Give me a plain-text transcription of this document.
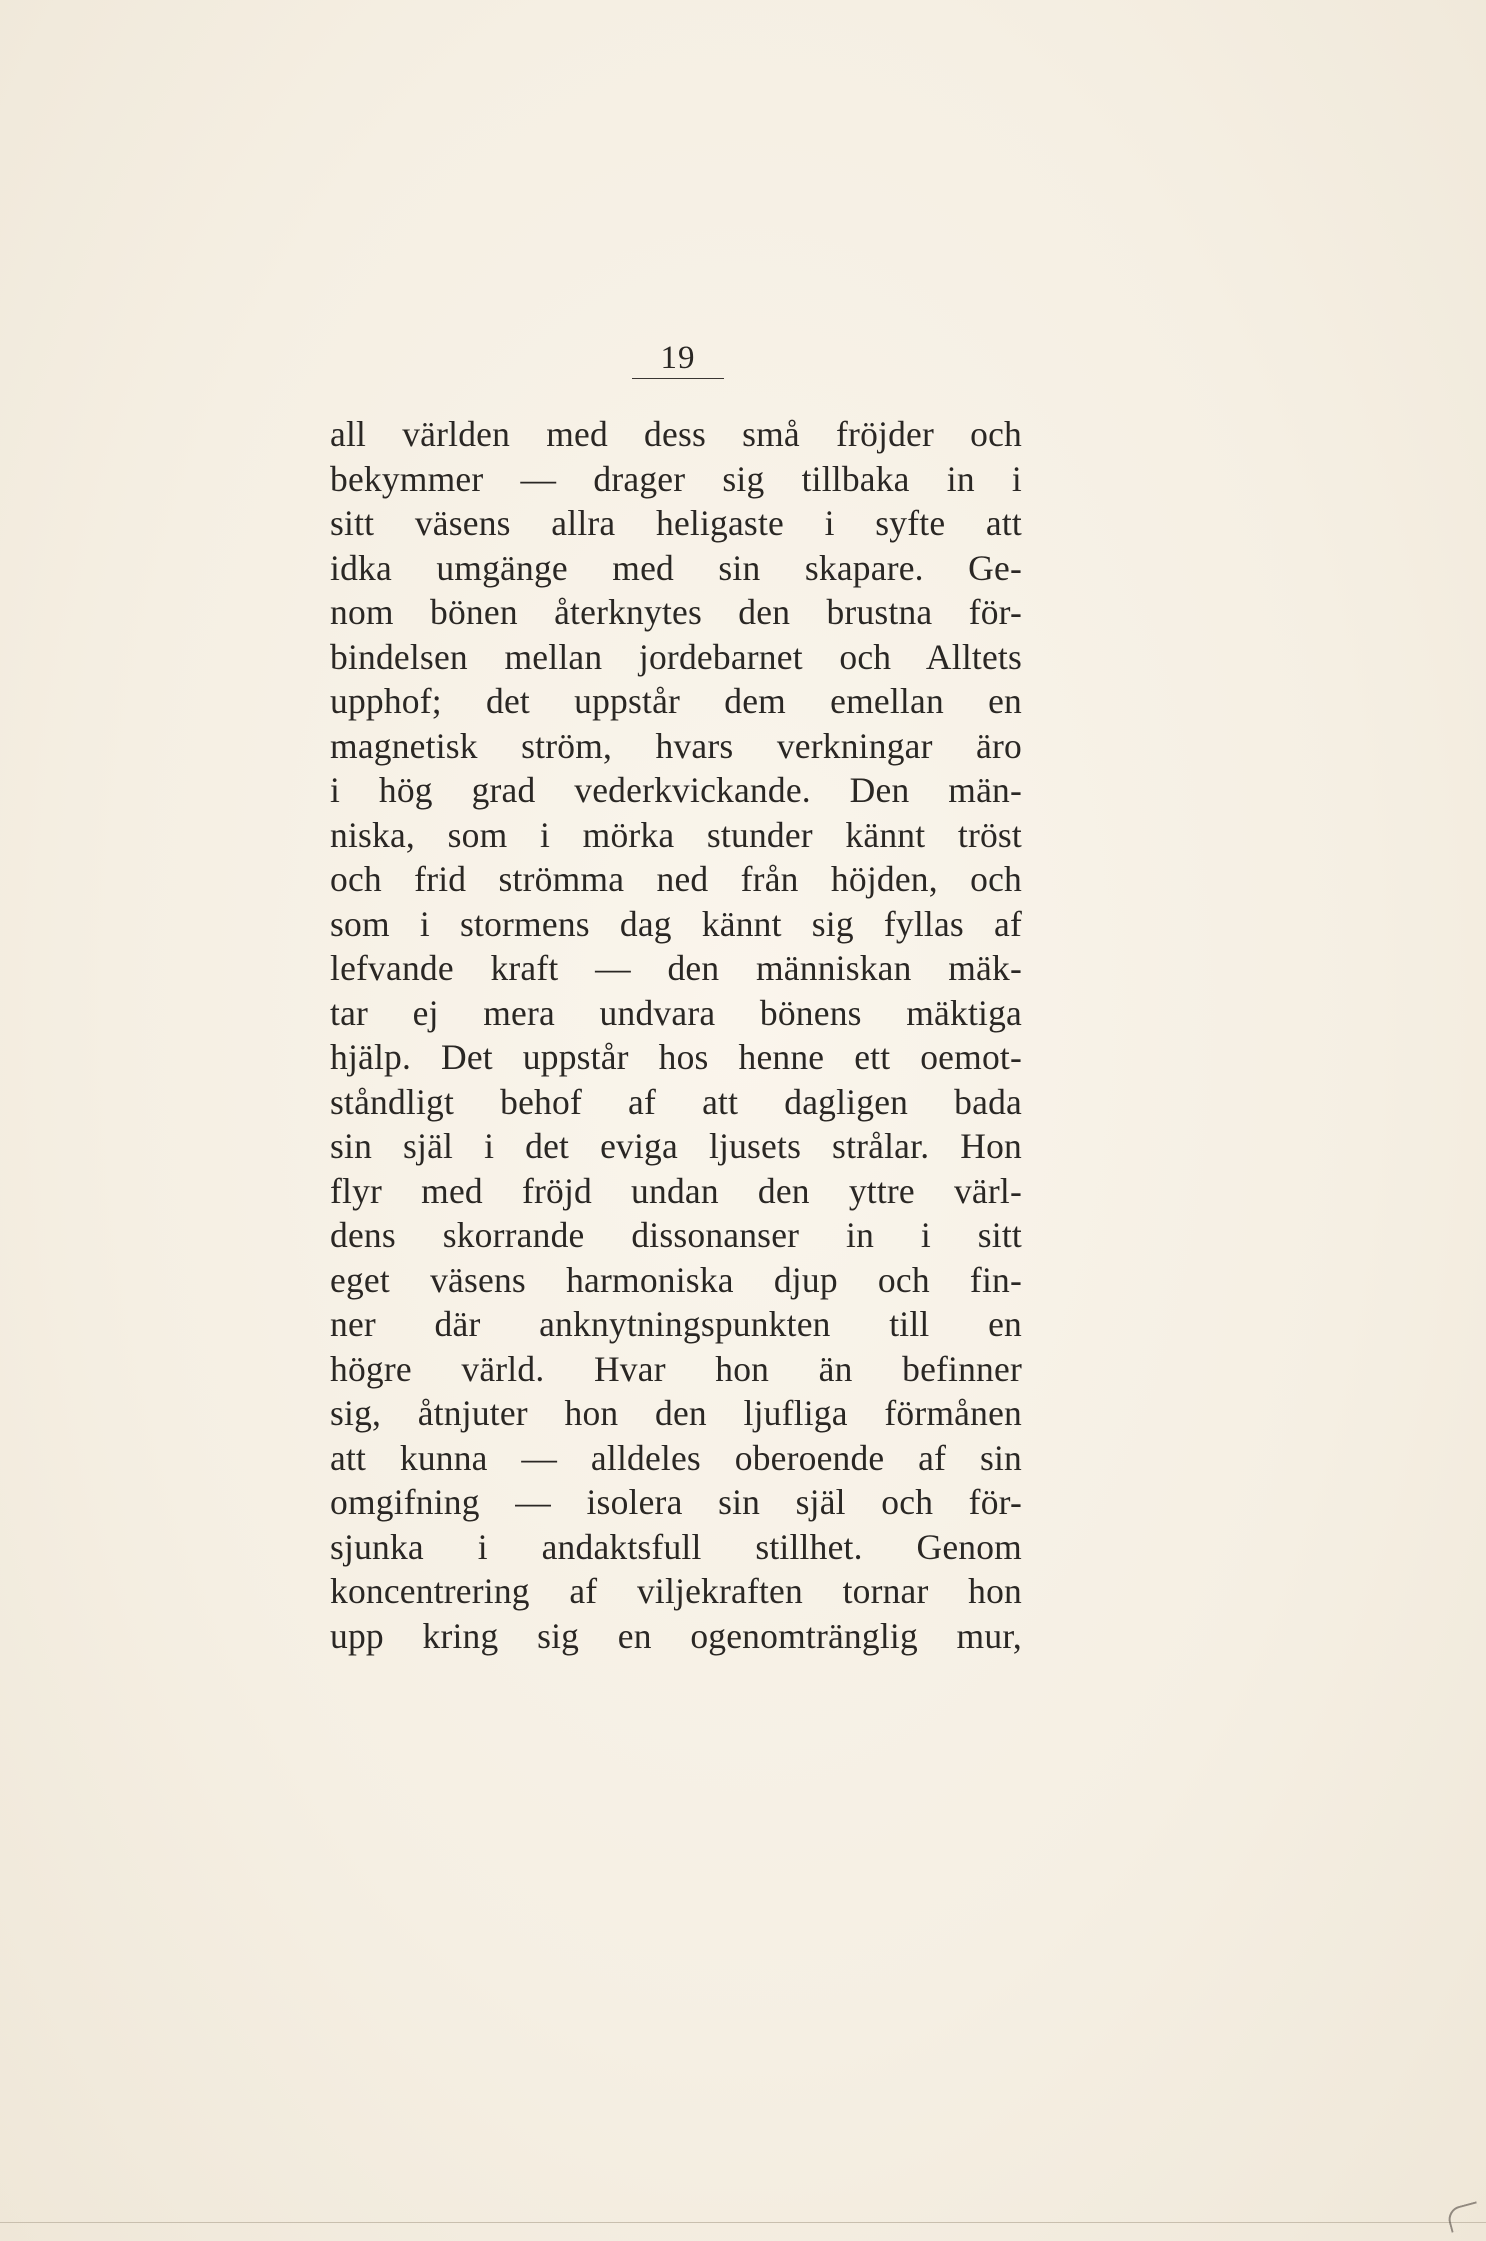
19
all världen med dess små fröjder och
bekymmer — drager sig tillbaka in i
sitt väsens allra heligaste i syfte att
idka umgänge med sin skapare. Ge-
nom bönen återknytes den brustna för-
bindelsen mellan jordebarnet och Alltets
upphof; det uppstår dem emellan en
magnetisk ström, hvars verkningar äro
i hög grad vederkvickande. Den män-
niska, som i mörka stunder kännt tröst
och frid strömma ned från höjden, och
som i stormens dag kännt sig fyllas af
lefvande kraft — den människan mäk-
tar ej mera undvara bönens mäktiga
hjälp. Det uppstår hos henne ett oemot-
ståndligt behof af att dagligen bada
sin själ i det eviga ljusets strålar. Hon
flyr med fröjd undan den yttre värl-
dens skorrande dissonanser in i sitt
eget väsens harmoniska djup och fin-
ner där anknytningspunkten till en
högre värld. Hvar hon än befinner
sig, åtnjuter hon den ljufliga förmånen
att kunna — alldeles oberoende af sin
omgifning — isolera sin själ och för-
sjunka i andaktsfull stillhet. Genom
koncentrering af viljekraften tornar hon
upp kring sig en ogenomtränglig mur,
